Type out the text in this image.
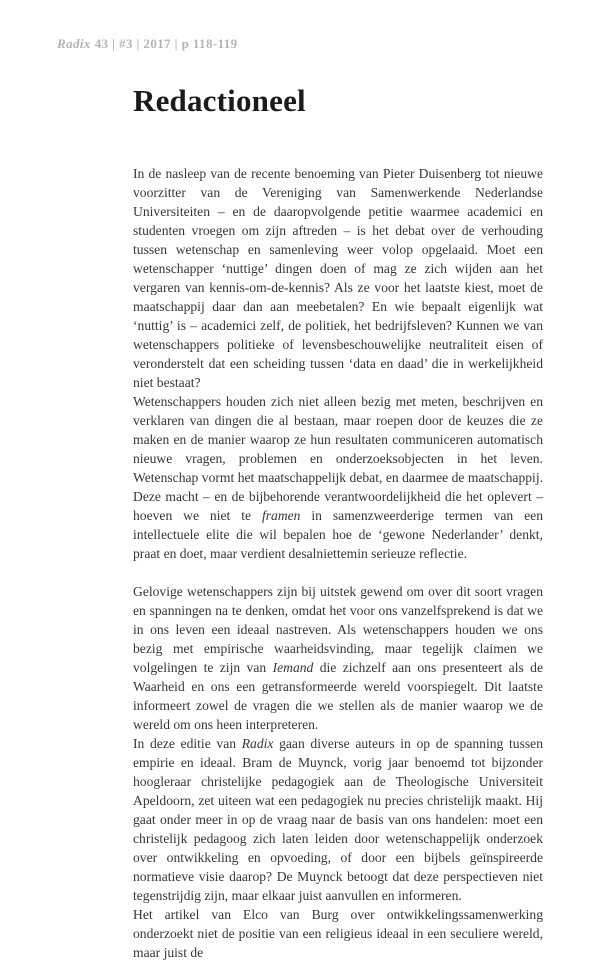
Radix 43 | #3 | 2017 | p 118-119
Redactioneel

In de nasleep van de recente benoeming van Pieter Duisenberg tot nieuwe voorzitter van de Vereniging van Samenwerkende Nederlandse Universiteiten – en de daaropvolgende petitie waarmee academici en studenten vroegen om zijn aftreden – is het debat over de verhouding tussen wetenschap en samenleving weer volop opgelaaid. Moet een wetenschapper ‘nuttige’ dingen doen of mag ze zich wijden aan het vergaren van kennis-om-de-kennis? Als ze voor het laatste kiest, moet de maatschappij daar dan aan meebetalen? En wie bepaalt eigenlijk wat ‘nuttig’ is – academici zelf, de politiek, het bedrijfsleven? Kunnen we van wetenschappers politieke of levensbeschouwelijke neutraliteit eisen of veronderstelt dat een scheiding tussen ‘data en daad’ die in werkelijkheid niet bestaat?

Wetenschappers houden zich niet alleen bezig met meten, beschrijven en verklaren van dingen die al bestaan, maar roepen door de keuzes die ze maken en de manier waarop ze hun resultaten communiceren automatisch nieuwe vragen, problemen en onderzoeksobjecten in het leven. Wetenschap vormt het maatschappelijk debat, en daarmee de maatschappij. Deze macht – en de bijbehorende verantwoordelijkheid die het oplevert – hoeven we niet te framen in samenzweerderige termen van een intellectuele elite die wil bepalen hoe de ‘gewone Nederlander’ denkt, praat en doet, maar verdient desalniettemin serieuze reflectie.

Gelovige wetenschappers zijn bij uitstek gewend om over dit soort vragen en spanningen na te denken, omdat het voor ons vanzelfsprekend is dat we in ons leven een ideaal nastreven. Als wetenschappers houden we ons bezig met empirische waarheidsvinding, maar tegelijk claimen we volgelingen te zijn van Iemand die zichzelf aan ons presenteert als de Waarheid en ons een getransformeerde wereld voorspiegelt. Dit laatste informeert zowel de vragen die we stellen als de manier waarop we de wereld om ons heen interpreteren.

In deze editie van Radix gaan diverse auteurs in op de spanning tussen empirie en ideaal. Bram de Muynck, vorig jaar benoemd tot bijzonder hoogleraar christelijke pedagogiek aan de Theologische Universiteit Apeldoorn, zet uiteen wat een pedagogiek nu precies christelijk maakt. Hij gaat onder meer in op de vraag naar de basis van ons handelen: moet een christelijk pedagoog zich laten leiden door wetenschappelijk onderzoek over ontwikkeling en opvoeding, of door een bijbels geïnspireerde normatieve visie daarop? De Muynck betoogt dat deze perspectieven niet tegenstrijdig zijn, maar elkaar juist aanvullen en informeren.

Het artikel van Elco van Burg over ontwikkelingssamenwerking onderzoekt niet de positie van een religieus ideaal in een seculiere wereld, maar juist de
